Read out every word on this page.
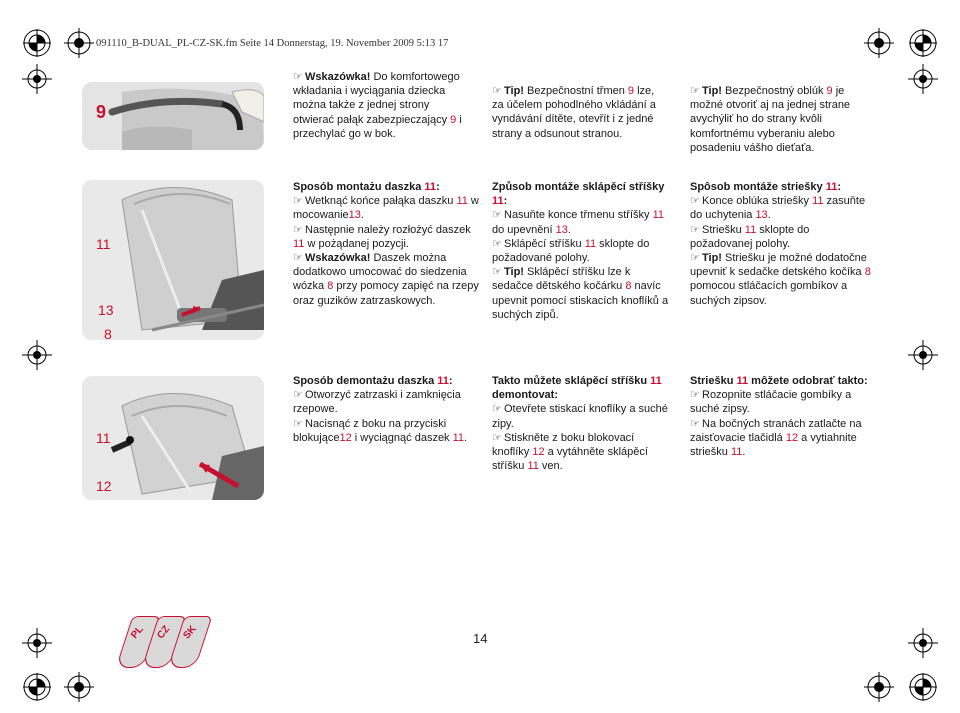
091110_B-DUAL_PL-CZ-SK.fm Seite 14 Donnerstag, 19. November 2009 5:13 17
9

☞ Wskazówka! Do komfortowego wkładania i wyciągania dziecka można także z jednej strony otwierać pałąk zabezpieczający 9 i przechylać go w bok.

☞ Tip! Bezpečnostní třmen 9 lze, za účelem pohodlného vkládání a vyndávání dítěte, otevřít i z jedné strany a odsunout stranou.

☞ Tip! Bezpečnostný oblúk 9 je možné otvoriť aj na jednej strane avychýliť ho do strany kvôli komfortnému vyberaniu alebo posadeniu vášho dieťaťa.

11
13
8

Sposób montażu daszka 11:

☞ Wetknąć końce pałąka daszku 11 w mocowanie13.

☞ Następnie należy rozłożyć daszek 11 w pożądanej pozycji.

☞ Wskazówka! Daszek można dodatkowo umocować do siedzenia wózka 8 przy pomocy zapięć na rzepy oraz guzików zatrzaskowych.

Způsob montáže sklápěcí stříšky 11:

☞ Nasuňte konce třmenu stříšky 11 do upevnění 13.

☞ Sklápěcí stříšku 11 sklopte do požadované polohy.

☞ Tip! Sklápěcí stříšku lze k sedačce dětského kočárku 8 navíc upevnit pomocí stiskacích knoflíků a suchých zipů.

Spôsob montáže striešky 11:

☞ Konce oblúka striešky 11 zasuňte do uchytenia 13.

☞ Striešku 11 sklopte do požadovanej polohy.

☞ Tip! Striešku je možné dodatočne upevniť k sedačke detského kočíka 8 pomocou stláčacích gombíkov a suchých zipsov.

11
12

Sposób demontażu daszka 11:

☞ Otworzyć zatrzaski i zamknięcia rzepowe.

☞ Nacisnąć z boku na przyciski blokujące12 i wyciągnąć daszek 11.

Takto můžete sklápěcí stříšku 11 demontovat:

☞ Otevřete stiskací knoflíky a suché zipy.

☞ Stiskněte z boku blokovací knoflíky 12 a vytáhněte sklápěcí stříšku 11 ven.

Striešku 11 môžete odobrať takto:

☞ Rozopnite stláčacie gombíky a suché zipsy.

☞ Na bočných stranách zatlačte na zaisťovacie tlačidlá 12 a vytiahnite striešku 11.

PL CZ SK	14
